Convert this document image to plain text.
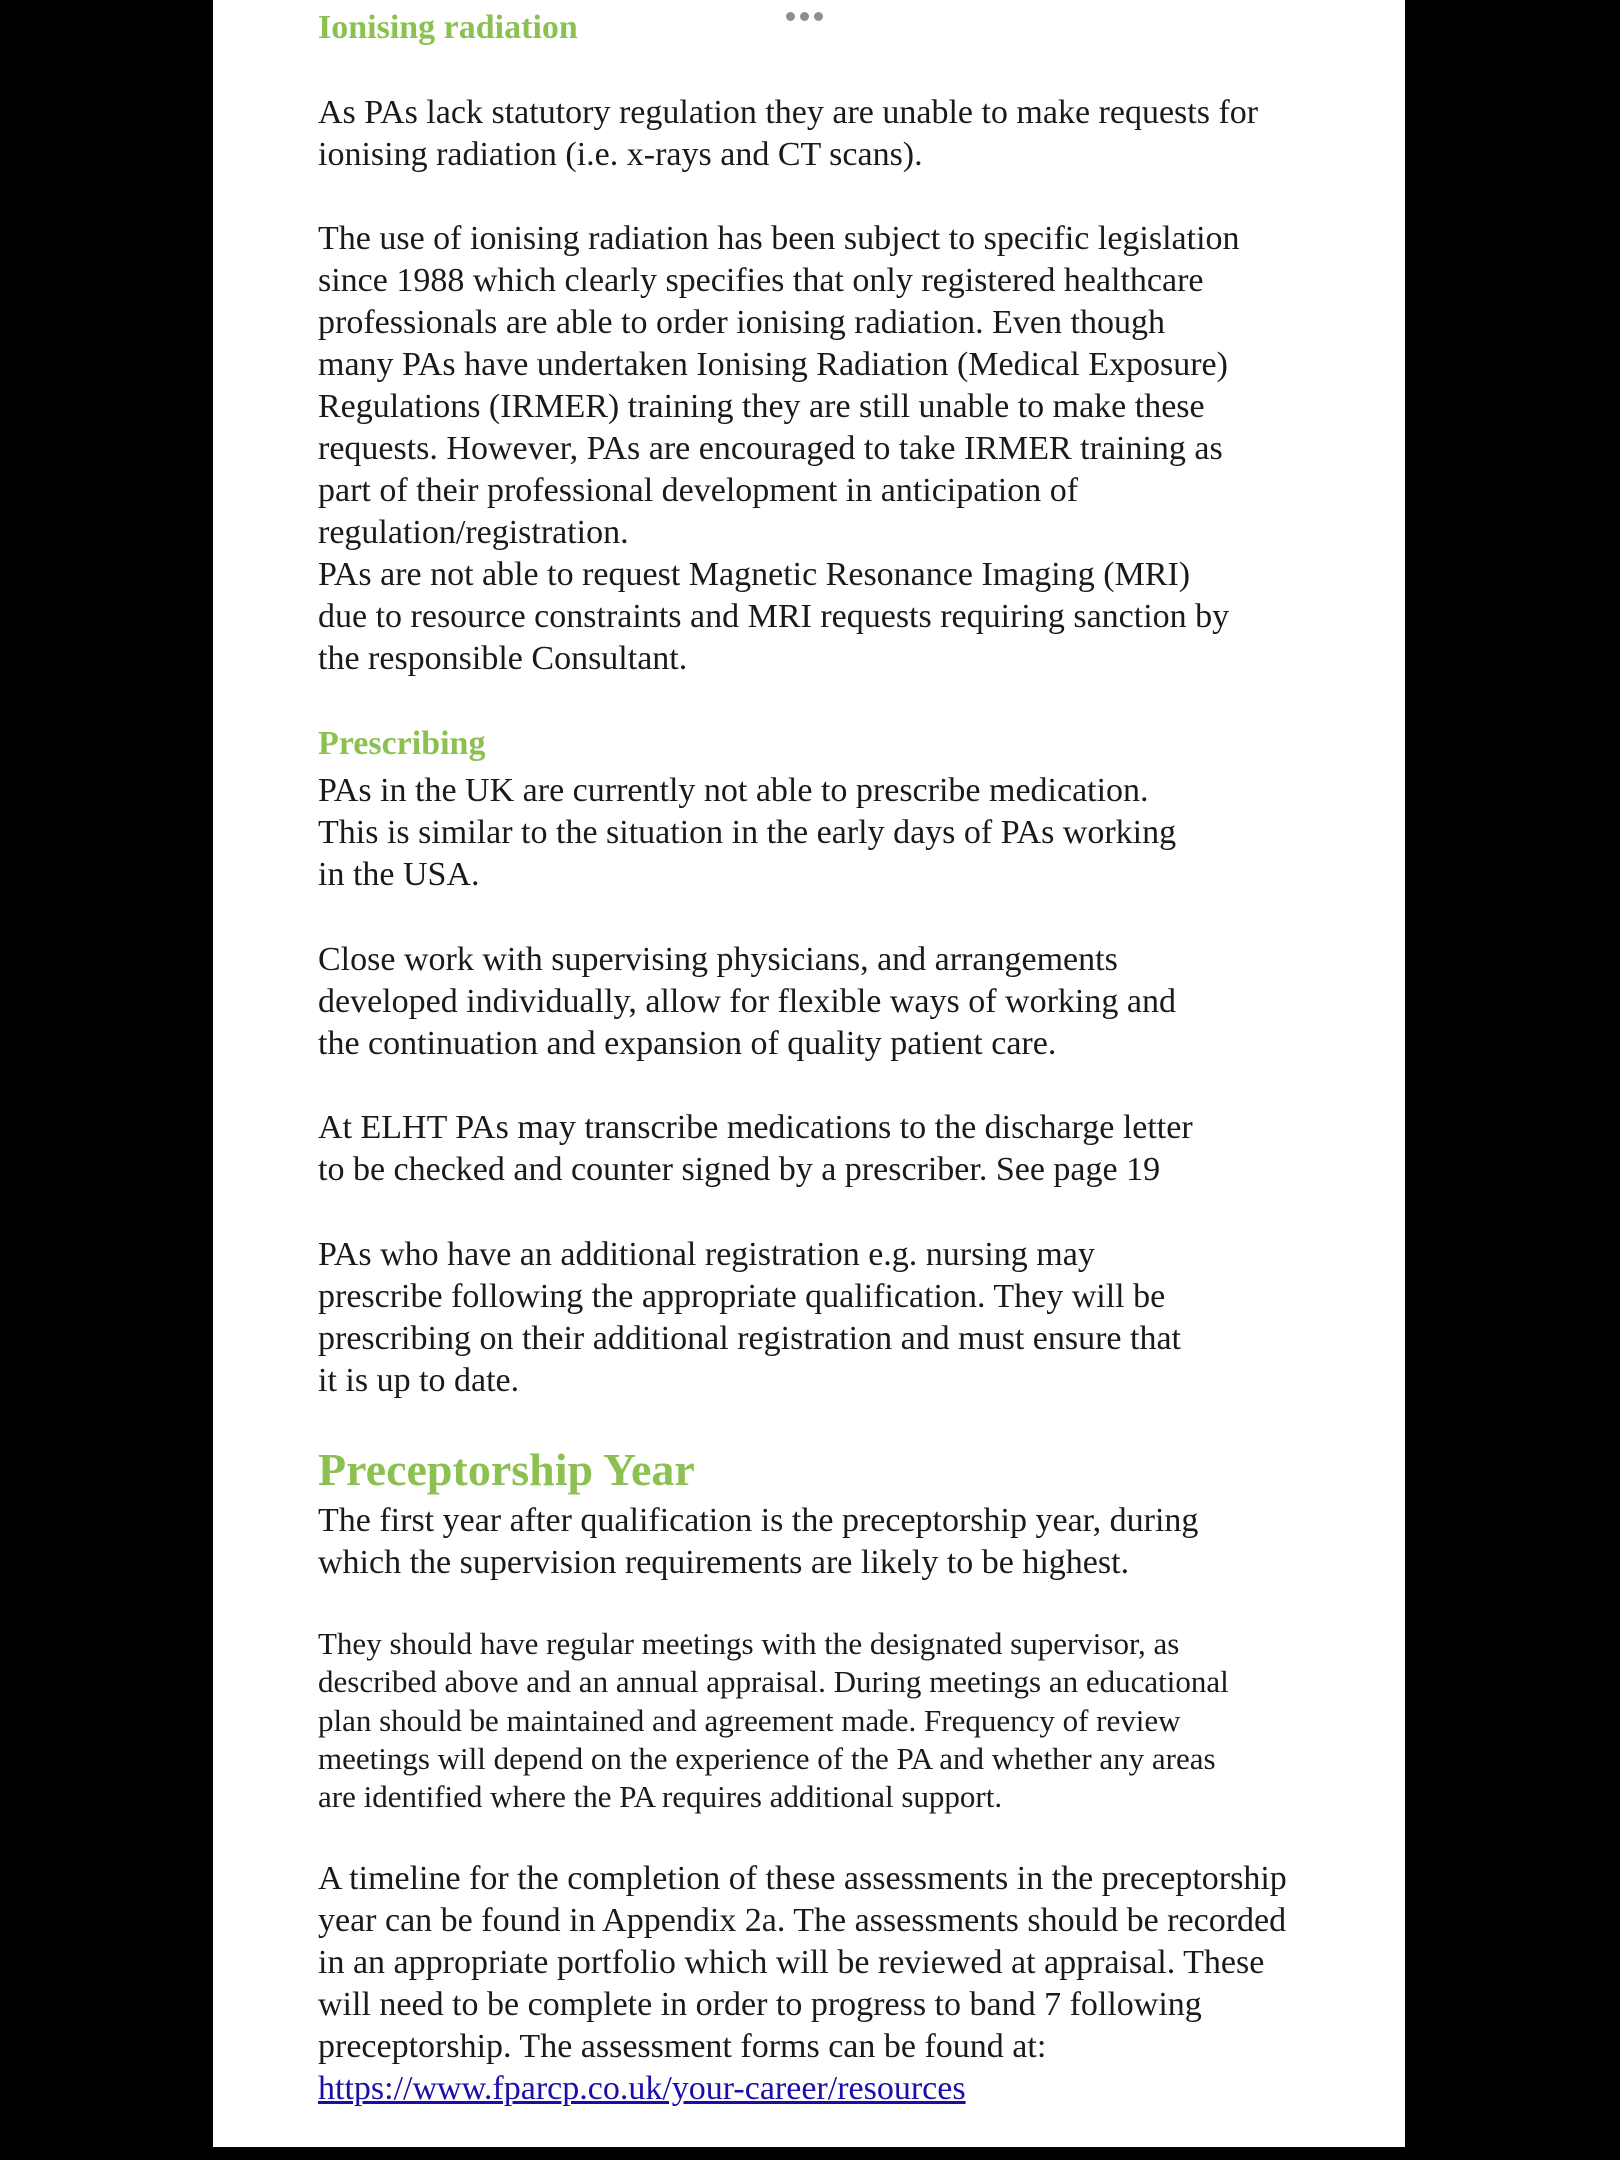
Ionising radiation

As PAs lack statutory regulation they are unable to make requests for
ionising radiation (i.e. x-rays and CT scans).

The use of ionising radiation has been subject to specific legislation
since 1988 which clearly specifies that only registered healthcare
professionals are able to order ionising radiation. Even though
many PAs have undertaken Ionising Radiation (Medical Exposure)
Regulations (IRMER) training they are still unable to make these
requests. However, PAs are encouraged to take IRMER training as
part of their professional development in anticipation of
regulation/registration.
PAs are not able to request Magnetic Resonance Imaging (MRI)
due to resource constraints and MRI requests requiring sanction by
the responsible Consultant.

Prescribing

PAs in the UK are currently not able to prescribe medication.
This is similar to the situation in the early days of PAs working
in the USA.

Close work with supervising physicians, and arrangements
developed individually, allow for flexible ways of working and
the continuation and expansion of quality patient care.

At ELHT PAs may transcribe medications to the discharge letter
to be checked and counter signed by a prescriber. See page 19

PAs who have an additional registration e.g. nursing may
prescribe following the appropriate qualification. They will be
prescribing on their additional registration and must ensure that
it is up to date.

Preceptorship Year

The first year after qualification is the preceptorship year, during
which the supervision requirements are likely to be highest.

They should have regular meetings with the designated supervisor, as
described above and an annual appraisal. During meetings an educational
plan should be maintained and agreement made. Frequency of review
meetings will depend on the experience of the PA and whether any areas
are identified where the PA requires additional support.

A timeline for the completion of these assessments in the preceptorship
year can be found in Appendix 2a. The assessments should be recorded
in an appropriate portfolio which will be reviewed at appraisal. These
will need to be complete in order to progress to band 7 following
preceptorship. The assessment forms can be found at:

https://www.fparcp.co.uk/your-career/resources
